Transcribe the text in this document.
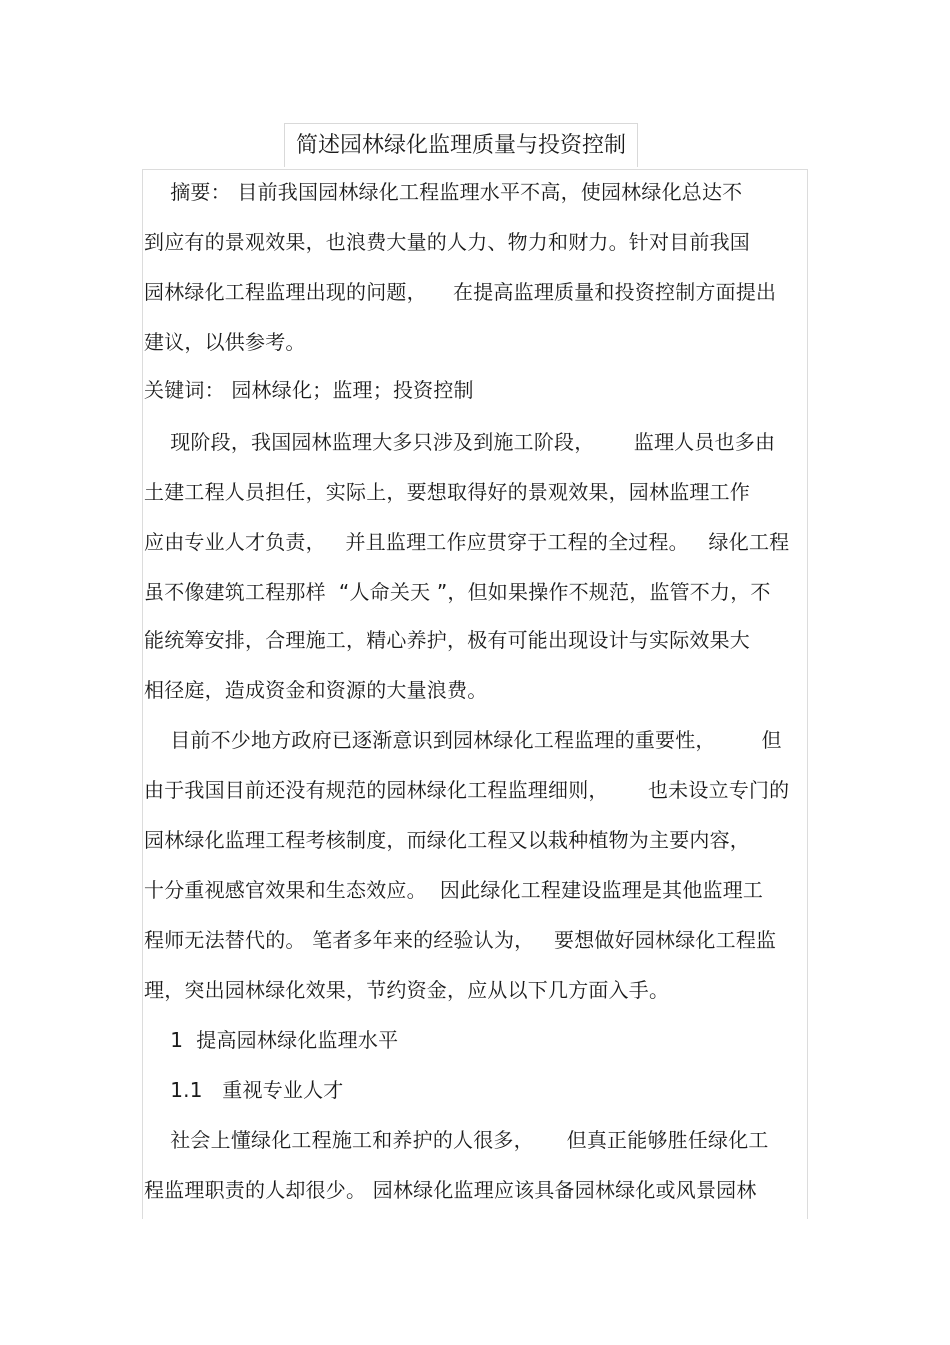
简述园林绿化监理质量与投资控制
摘要： 目前我国园林绿化工程监理水平不高，使园林绿化总达不
到应有的景观效果，也浪费大量的人力、物力和财力。针对目前我国
园林绿化工程监理出现的问题，    在提高监理质量和投资控制方面提出
建议，以供参考。
关键词： 园林绿化；监理；投资控制
现阶段，我国园林监理大多只涉及到施工阶段，      监理人员也多由
土建工程人员担任，实际上，要想取得好的景观效果，园林监理工作
应由专业人才负责，   并且监理工作应贯穿于工程的全过程。   绿化工程
虽不像建筑工程那样  “人命关天 ”，但如果操作不规范，监管不力，不
能统筹安排，合理施工，精心养护，极有可能出现设计与实际效果大
相径庭，造成资金和资源的大量浪费。
目前不少地方政府已逐渐意识到园林绿化工程监理的重要性，       但
由于我国目前还没有规范的园林绿化工程监理细则，      也未设立专门的
园林绿化监理工程考核制度，而绿化工程又以栽种植物为主要内容，
十分重视感官效果和生态效应。  因此绿化工程建设监理是其他监理工
程师无法替代的。 笔者多年来的经验认为，   要想做好园林绿化工程监
理，突出园林绿化效果，节约资金，应从以下几方面入手。
1  提高园林绿化监理水平
1.1   重视专业人才
社会上懂绿化工程施工和养护的人很多，     但真正能够胜任绿化工
程监理职责的人却很少。 园林绿化监理应该具备园林绿化或风景园林
